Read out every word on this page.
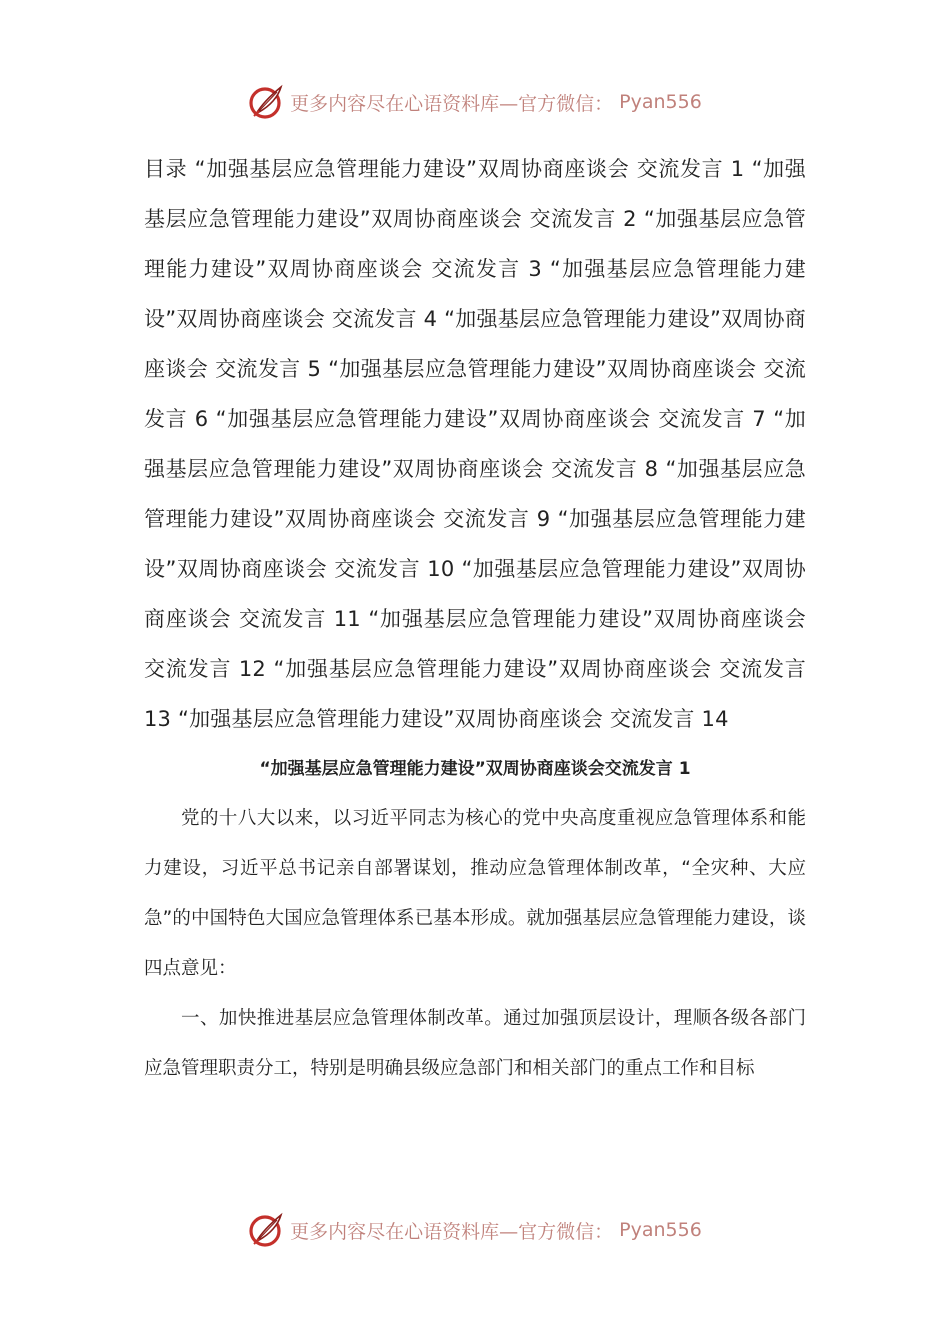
更多内容尽在心语资料库—官方微信： Pyan556

目录 “加强基层应急管理能力建设”双周协商座谈会 交流发言 1 “加强基层应急管理能力建设”双周协商座谈会 交流发言 2 “加强基层应急管理能力建设”双周协商座谈会 交流发言 3 “加强基层应急管理能力建设”双周协商座谈会 交流发言 4 “加强基层应急管理能力建设”双周协商座谈会 交流发言 5 “加强基层应急管理能力建设”双周协商座谈会 交流发言 6 “加强基层应急管理能力建设”双周协商座谈会 交流发言 7 “加强基层应急管理能力建设”双周协商座谈会 交流发言 8 “加强基层应急管理能力建设”双周协商座谈会 交流发言 9 “加强基层应急管理能力建设”双周协商座谈会 交流发言 10 “加强基层应急管理能力建设”双周协商座谈会 交流发言 11 “加强基层应急管理能力建设”双周协商座谈会 交流发言 12 “加强基层应急管理能力建设”双周协商座谈会 交流发言 13 “加强基层应急管理能力建设”双周协商座谈会 交流发言 14

“加强基层应急管理能力建设”双周协商座谈会交流发言 1

党的十八大以来，以习近平同志为核心的党中央高度重视应急管理体系和能力建设，习近平总书记亲自部署谋划，推动应急管理体制改革，“全灾种、大应急”的中国特色大国应急管理体系已基本形成。就加强基层应急管理能力建设，谈四点意见：

一、加快推进基层应急管理体制改革。通过加强顶层设计，理顺各级各部门应急管理职责分工，特别是明确县级应急部门和相关部门的重点工作和目标

更多内容尽在心语资料库—官方微信： Pyan556
